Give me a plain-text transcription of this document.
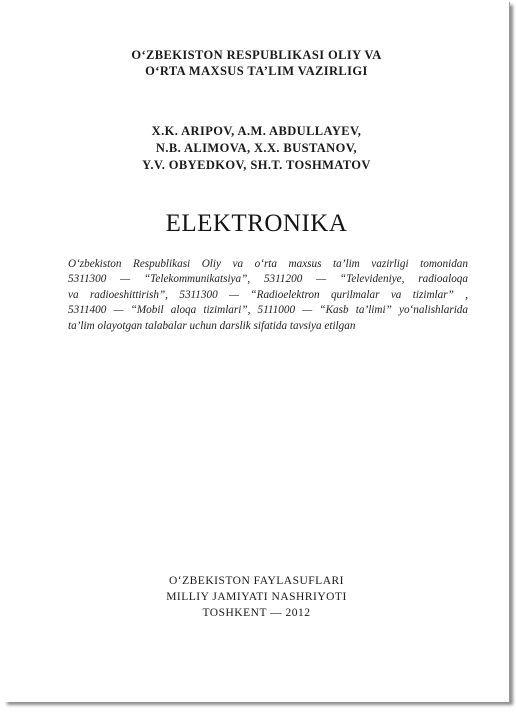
O‘ZBEKISTON RESPUBLIKASI OLIY VA
O‘RTA MAXSUS TA’LIM VAZIRLIGI
X.K. ARIPOV, A.M. ABDULLAYEV,
N.B. ALIMOVA, X.X. BUSTANOV,
Y.V. OBYEDKOV, SH.T. TOSHMATOV
ELEKTRONIKA
O‘zbekiston Respublikasi Oliy va o‘rta maxsus ta’lim vazirligi tomonidan
5311300 — “Telekommunikatsiya”, 5311200 — “Televideniye, radioaloqa
va radioeshittirish”, 5311300 — “Radioelektron qurilmalar va tizimlar” ,
5311400 — “Mobil aloqa tizimlari”, 5111000 — “Kasb ta’limi” yo‘nalishlarida
ta’lim olayotgan talabalar uchun darslik sifatida tavsiya etilgan
O‘ZBEKISTON FAYLASUFLARI
MILLIY JAMIYATI NASHRIYOTI
TOSHKENT — 2012
